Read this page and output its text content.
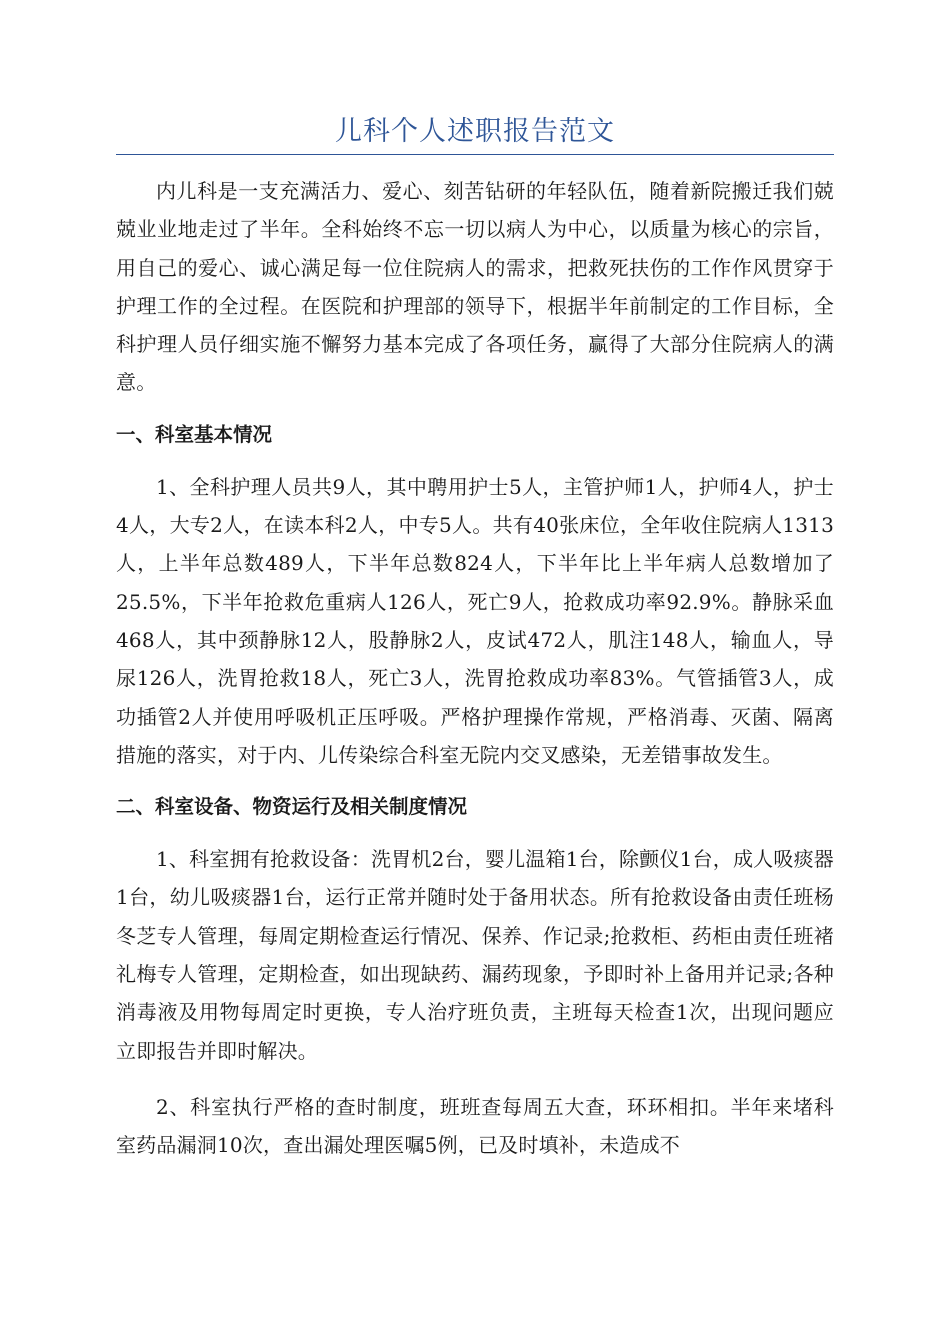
儿科个人述职报告范文

内儿科是一支充满活力、爱心、刻苦钻研的年轻队伍，随着新院搬迁我们兢兢业业地走过了半年。全科始终不忘一切以病人为中心，以质量为核心的宗旨，用自己的爱心、诚心满足每一位住院病人的需求，把救死扶伤的工作作风贯穿于护理工作的全过程。在医院和护理部的领导下，根据半年前制定的工作目标，全科护理人员仔细实施不懈努力基本完成了各项任务，赢得了大部分住院病人的满意。

一、科室基本情况

1、全科护理人员共9人，其中聘用护士5人，主管护师1人，护师4人，护士4人，大专2人，在读本科2人，中专5人。共有40张床位，全年收住院病人1313人，上半年总数489人，下半年总数824人，下半年比上半年病人总数增加了25.5%，下半年抢救危重病人126人，死亡9人，抢救成功率92.9%。静脉采血468人，其中颈静脉12人，股静脉2人，皮试472人，肌注148人，输血人，导尿126人，洗胃抢救18人，死亡3人，洗胃抢救成功率83%。气管插管3人，成功插管2人并使用呼吸机正压呼吸。严格护理操作常规，严格消毒、灭菌、隔离措施的落实，对于内、儿传染综合科室无院内交叉感染，无差错事故发生。

二、科室设备、物资运行及相关制度情况

1、科室拥有抢救设备：洗胃机2台，婴儿温箱1台，除颤仪1台，成人吸痰器1台，幼儿吸痰器1台，运行正常并随时处于备用状态。所有抢救设备由责任班杨冬芝专人管理，每周定期检查运行情况、保养、作记录;抢救柜、药柜由责任班褚礼梅专人管理，定期检查，如出现缺药、漏药现象，予即时补上备用并记录;各种消毒液及用物每周定时更换，专人治疗班负责，主班每天检查1次，出现问题应立即报告并即时解决。

2、科室执行严格的查时制度，班班查每周五大查，环环相扣。半年来堵科室药品漏洞10次，查出漏处理医嘱5例，已及时填补，未造成不
